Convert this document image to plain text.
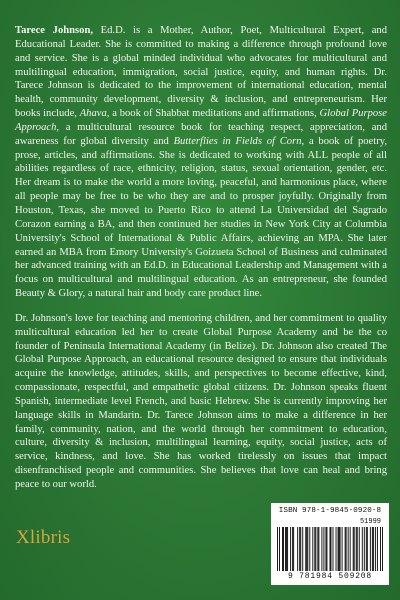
Tarece Johnson, Ed.D. is a Mother, Author, Poet, Multicultural Expert, and Educational Leader. She is committed to making a difference through profound love and service. She is a global minded individual who advocates for multicultural and multilingual education, immigration, social justice, equity, and human rights. Dr. Tarece Johnson is dedicated to the improvement of international education, mental health, community development, diversity & inclusion, and entrepreneurism. Her books include, Ahava, a book of Shabbat meditations and affirmations, Global Purpose Approach, a multicultural resource book for teaching respect, appreciation, and awareness for global diversity and Butterflies in Fields of Corn, a book of poetry, prose, articles, and affirmations. She is dedicated to working with ALL people of all abilities regardless of race, ethnicity, religion, status, sexual orientation, gender, etc. Her dream is to make the world a more loving, peaceful, and harmonious place, where all people may be free to be who they are and to prosper joyfully. Originally from Houston, Texas, she moved to Puerto Rico to attend La Universidad del Sagrado Corazon earning a BA, and then continued her studies in New York City at Columbia University's School of International & Public Affairs, achieving an MPA. She later earned an MBA from Emory University's Goizueta School of Business and culminated her advanced training with an Ed.D. in Educational Leadership and Management with a focus on multicultural and multilingual education. As an entrepreneur, she founded Beauty & Glory, a natural hair and body care product line.

Dr. Johnson's love for teaching and mentoring children, and her commitment to quality multicultural education led her to create Global Purpose Academy and be the co founder of Peninsula International Academy (in Belize). Dr. Johnson also created The Global Purpose Approach, an educational resource designed to ensure that individuals acquire the knowledge, attitudes, skills, and perspectives to become effective, kind, compassionate, respectful, and empathetic global citizens. Dr. Johnson speaks fluent Spanish, intermediate level French, and basic Hebrew. She is currently improving her language skills in Mandarin. Dr. Tarece Johnson aims to make a difference in her family, community, nation, and the world through her commitment to education, culture, diversity & inclusion, multilingual learning, equity, social justice, acts of service, kindness, and love. She has worked tirelessly on issues that impact disenfranchised people and communities. She believes that love can heal and bring peace to our world.

Xlibris
ISBN 978-1-9845-0920-8
51999
9 781984 509208
